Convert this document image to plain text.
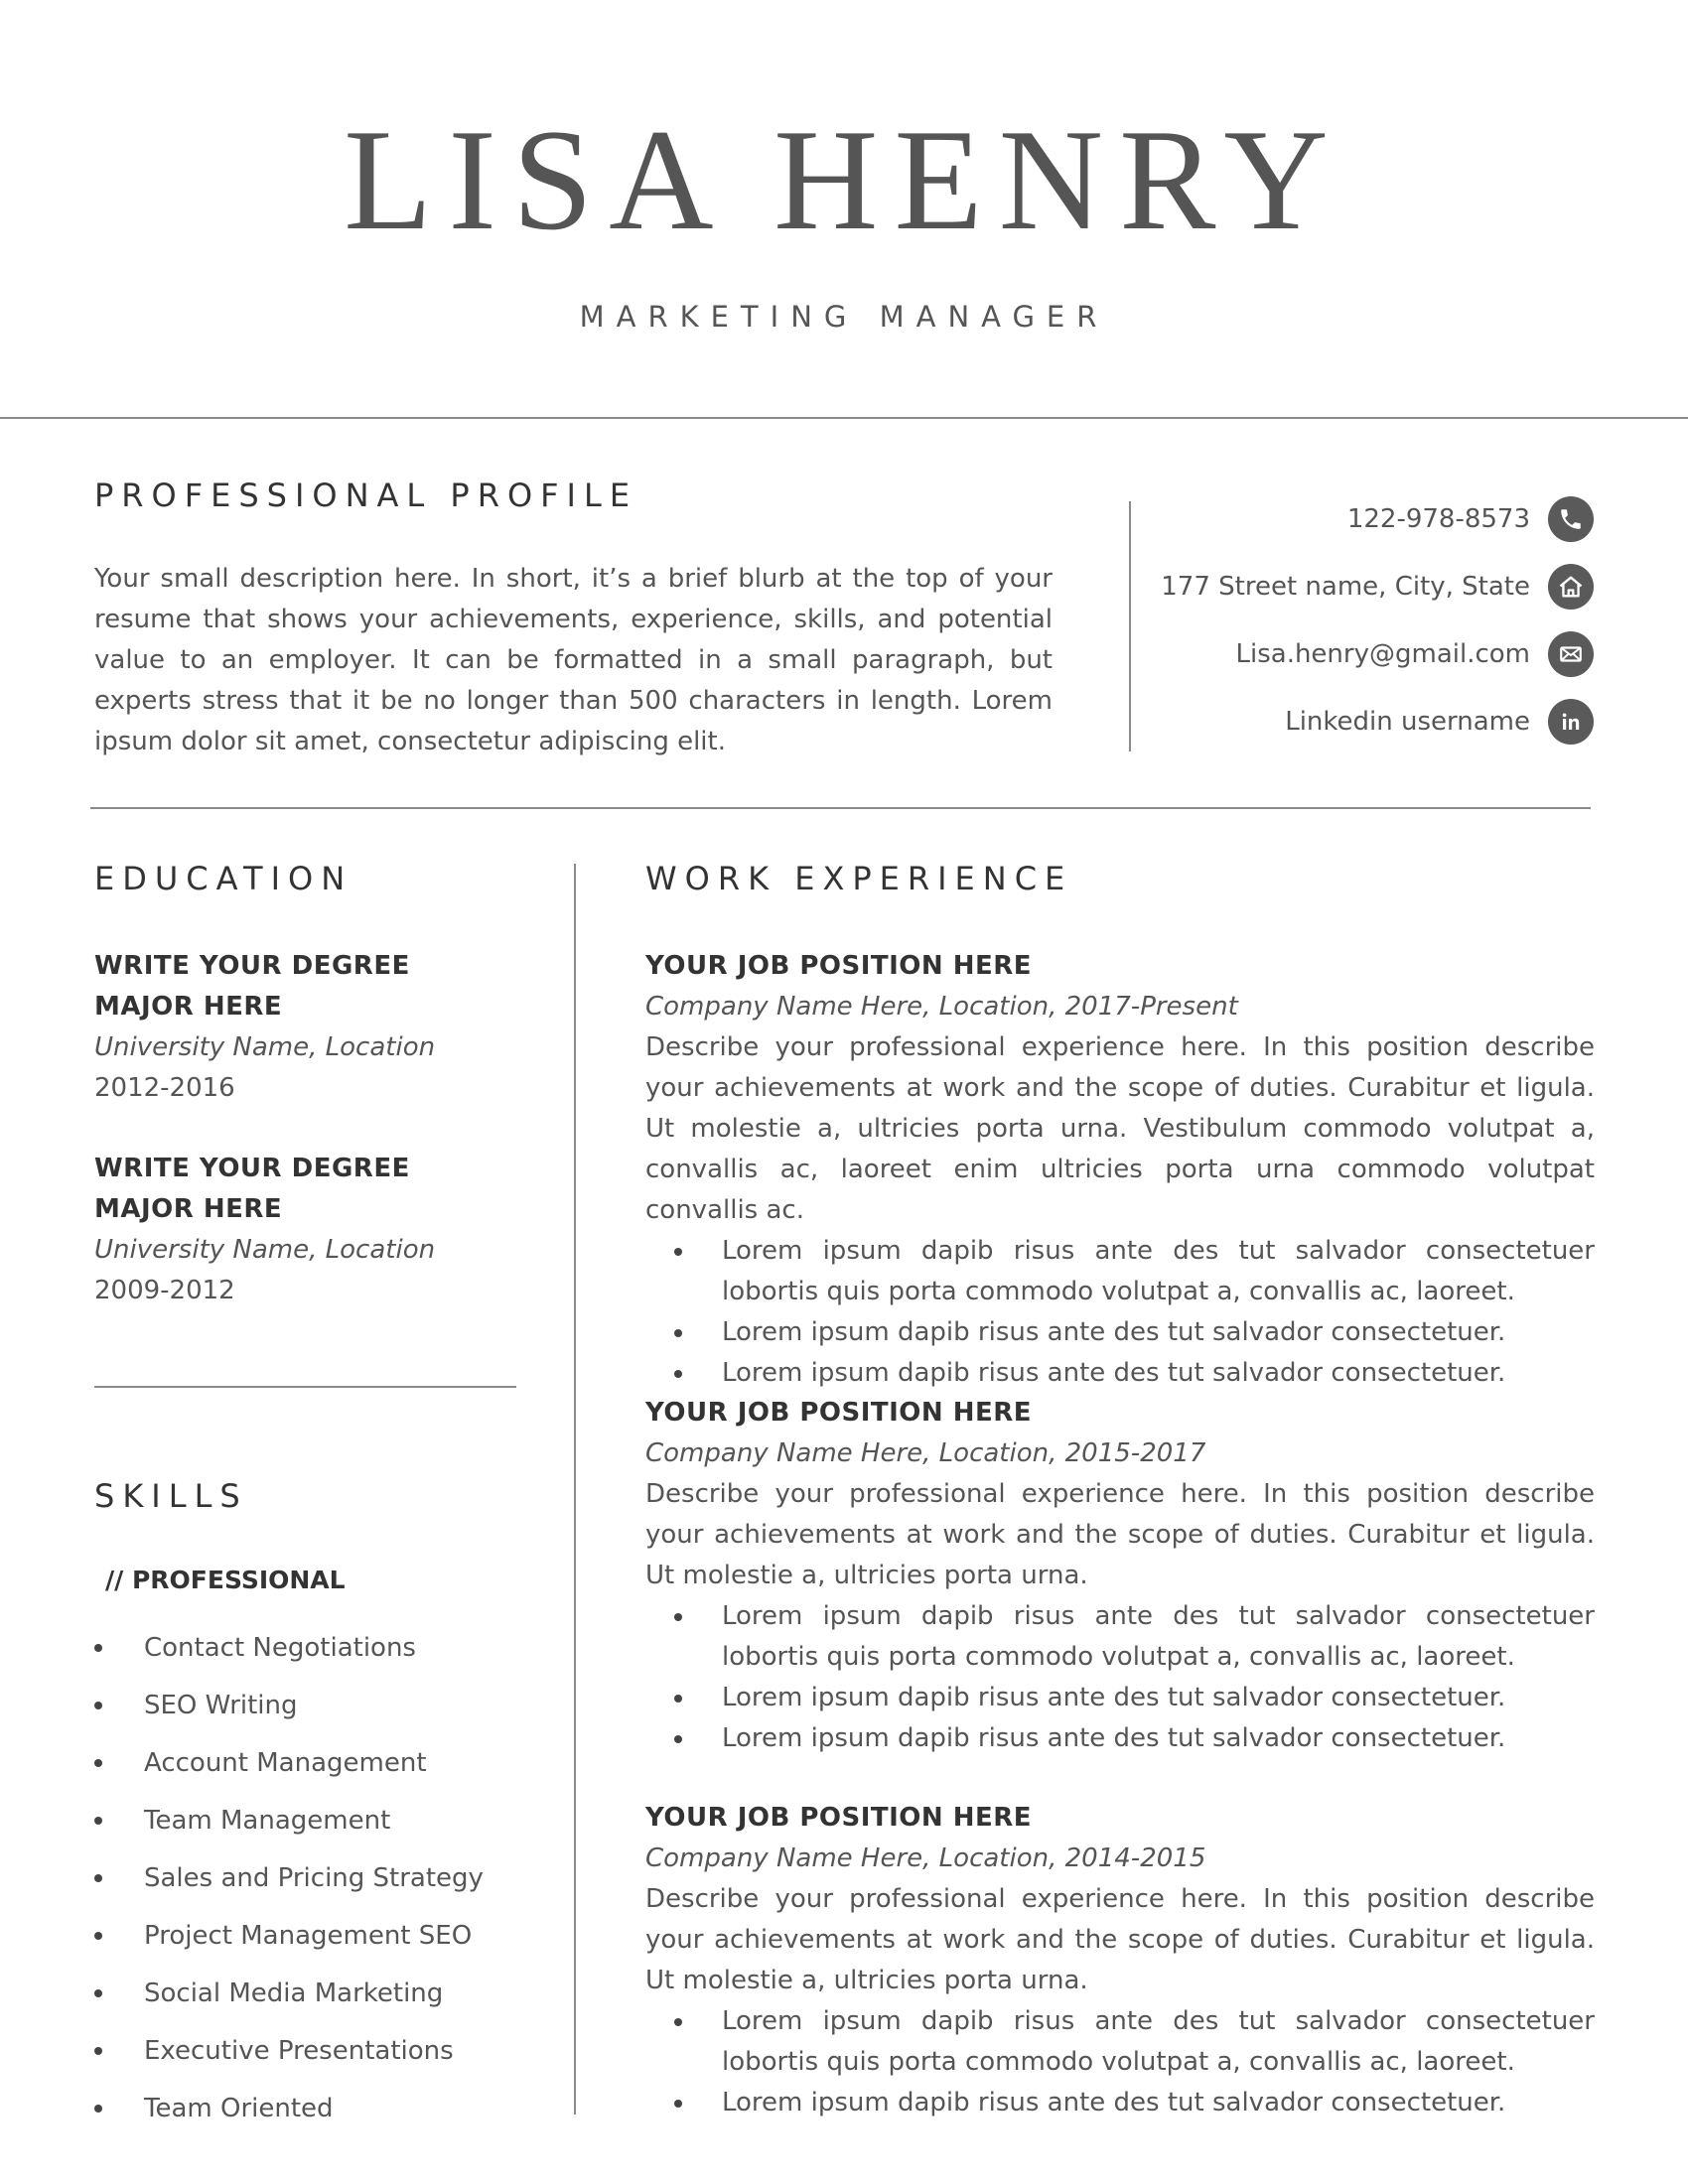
LISA HENRY
MARKETING MANAGER
PROFESSIONAL PROFILE
Your small description here. In short, it’s a brief blurb at the top of your resume that shows your achievements, experience, skills, and potential value to an employer. It can be formatted in a small paragraph, but experts stress that it be no longer than 500 characters in length. Lorem ipsum dolor sit amet, consectetur adipiscing elit.
122-978-8573
177 Street name, City, State
Lisa.henry@gmail.com
Linkedin username
EDUCATION
WRITE YOUR DEGREE
MAJOR HERE
University Name, Location
2012-2016
WRITE YOUR DEGREE
MAJOR HERE
University Name, Location
2009-2012
SKILLS
// PROFESSIONAL
Contact Negotiations
SEO Writing
Account Management
Team Management
Sales and Pricing Strategy
Project Management SEO
Social Media Marketing
Executive Presentations
Team Oriented
WORK EXPERIENCE
YOUR JOB POSITION HERE
Company Name Here, Location, 2017-Present
Describe your professional experience here. In this position describe your achievements at work and the scope of duties. Curabitur et ligula. Ut molestie a, ultricies porta urna. Vestibulum commodo volutpat a, convallis ac, laoreet enim ultricies porta urna commodo volutpat convallis ac.
Lorem ipsum dapib risus ante des tut salvador consectetuer lobortis quis porta commodo volutpat a, convallis ac, laoreet.
Lorem ipsum dapib risus ante des tut salvador consectetuer.
Lorem ipsum dapib risus ante des tut salvador consectetuer.
YOUR JOB POSITION HERE
Company Name Here, Location, 2015-2017
Describe your professional experience here. In this position describe your achievements at work and the scope of duties. Curabitur et ligula. Ut molestie a, ultricies porta urna.
Lorem ipsum dapib risus ante des tut salvador consectetuer lobortis quis porta commodo volutpat a, convallis ac, laoreet.
Lorem ipsum dapib risus ante des tut salvador consectetuer.
Lorem ipsum dapib risus ante des tut salvador consectetuer.
YOUR JOB POSITION HERE
Company Name Here, Location, 2014-2015
Describe your professional experience here. In this position describe your achievements at work and the scope of duties. Curabitur et ligula. Ut molestie a, ultricies porta urna.
Lorem ipsum dapib risus ante des tut salvador consectetuer lobortis quis porta commodo volutpat a, convallis ac, laoreet.
Lorem ipsum dapib risus ante des tut salvador consectetuer.
